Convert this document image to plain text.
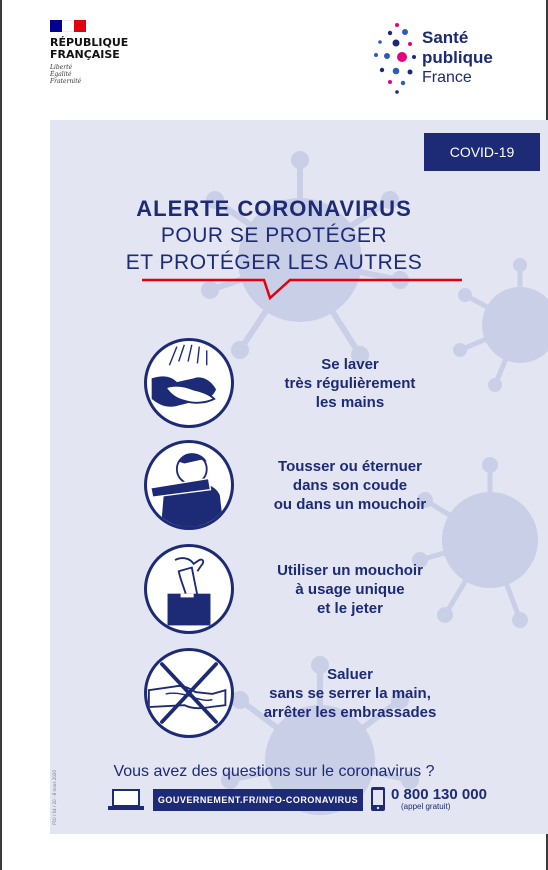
RÉPUBLIQUE
FRANÇAISE
Liberté
Égalité
Fraternité
Santé
publique
France
COVID-19
ALERTE CORONAVIRUS
POUR SE PROTÉGER
ET PROTÉGER LES AUTRES
Se laver
très régulièrement
les mains
Tousser ou éternuer
dans son coude
ou dans un mouchoir
Utiliser un mouchoir
à usage unique
et le jeter
Saluer
sans se serrer la main,
arrêter les embrassades
Vous avez des questions sur le coronavirus ?
GOUVERNEMENT.FR/INFO-CORONAVIRUS	0 800 130 000
(appel gratuit)
P10 / 04 / 20 - 8 mars 2020
